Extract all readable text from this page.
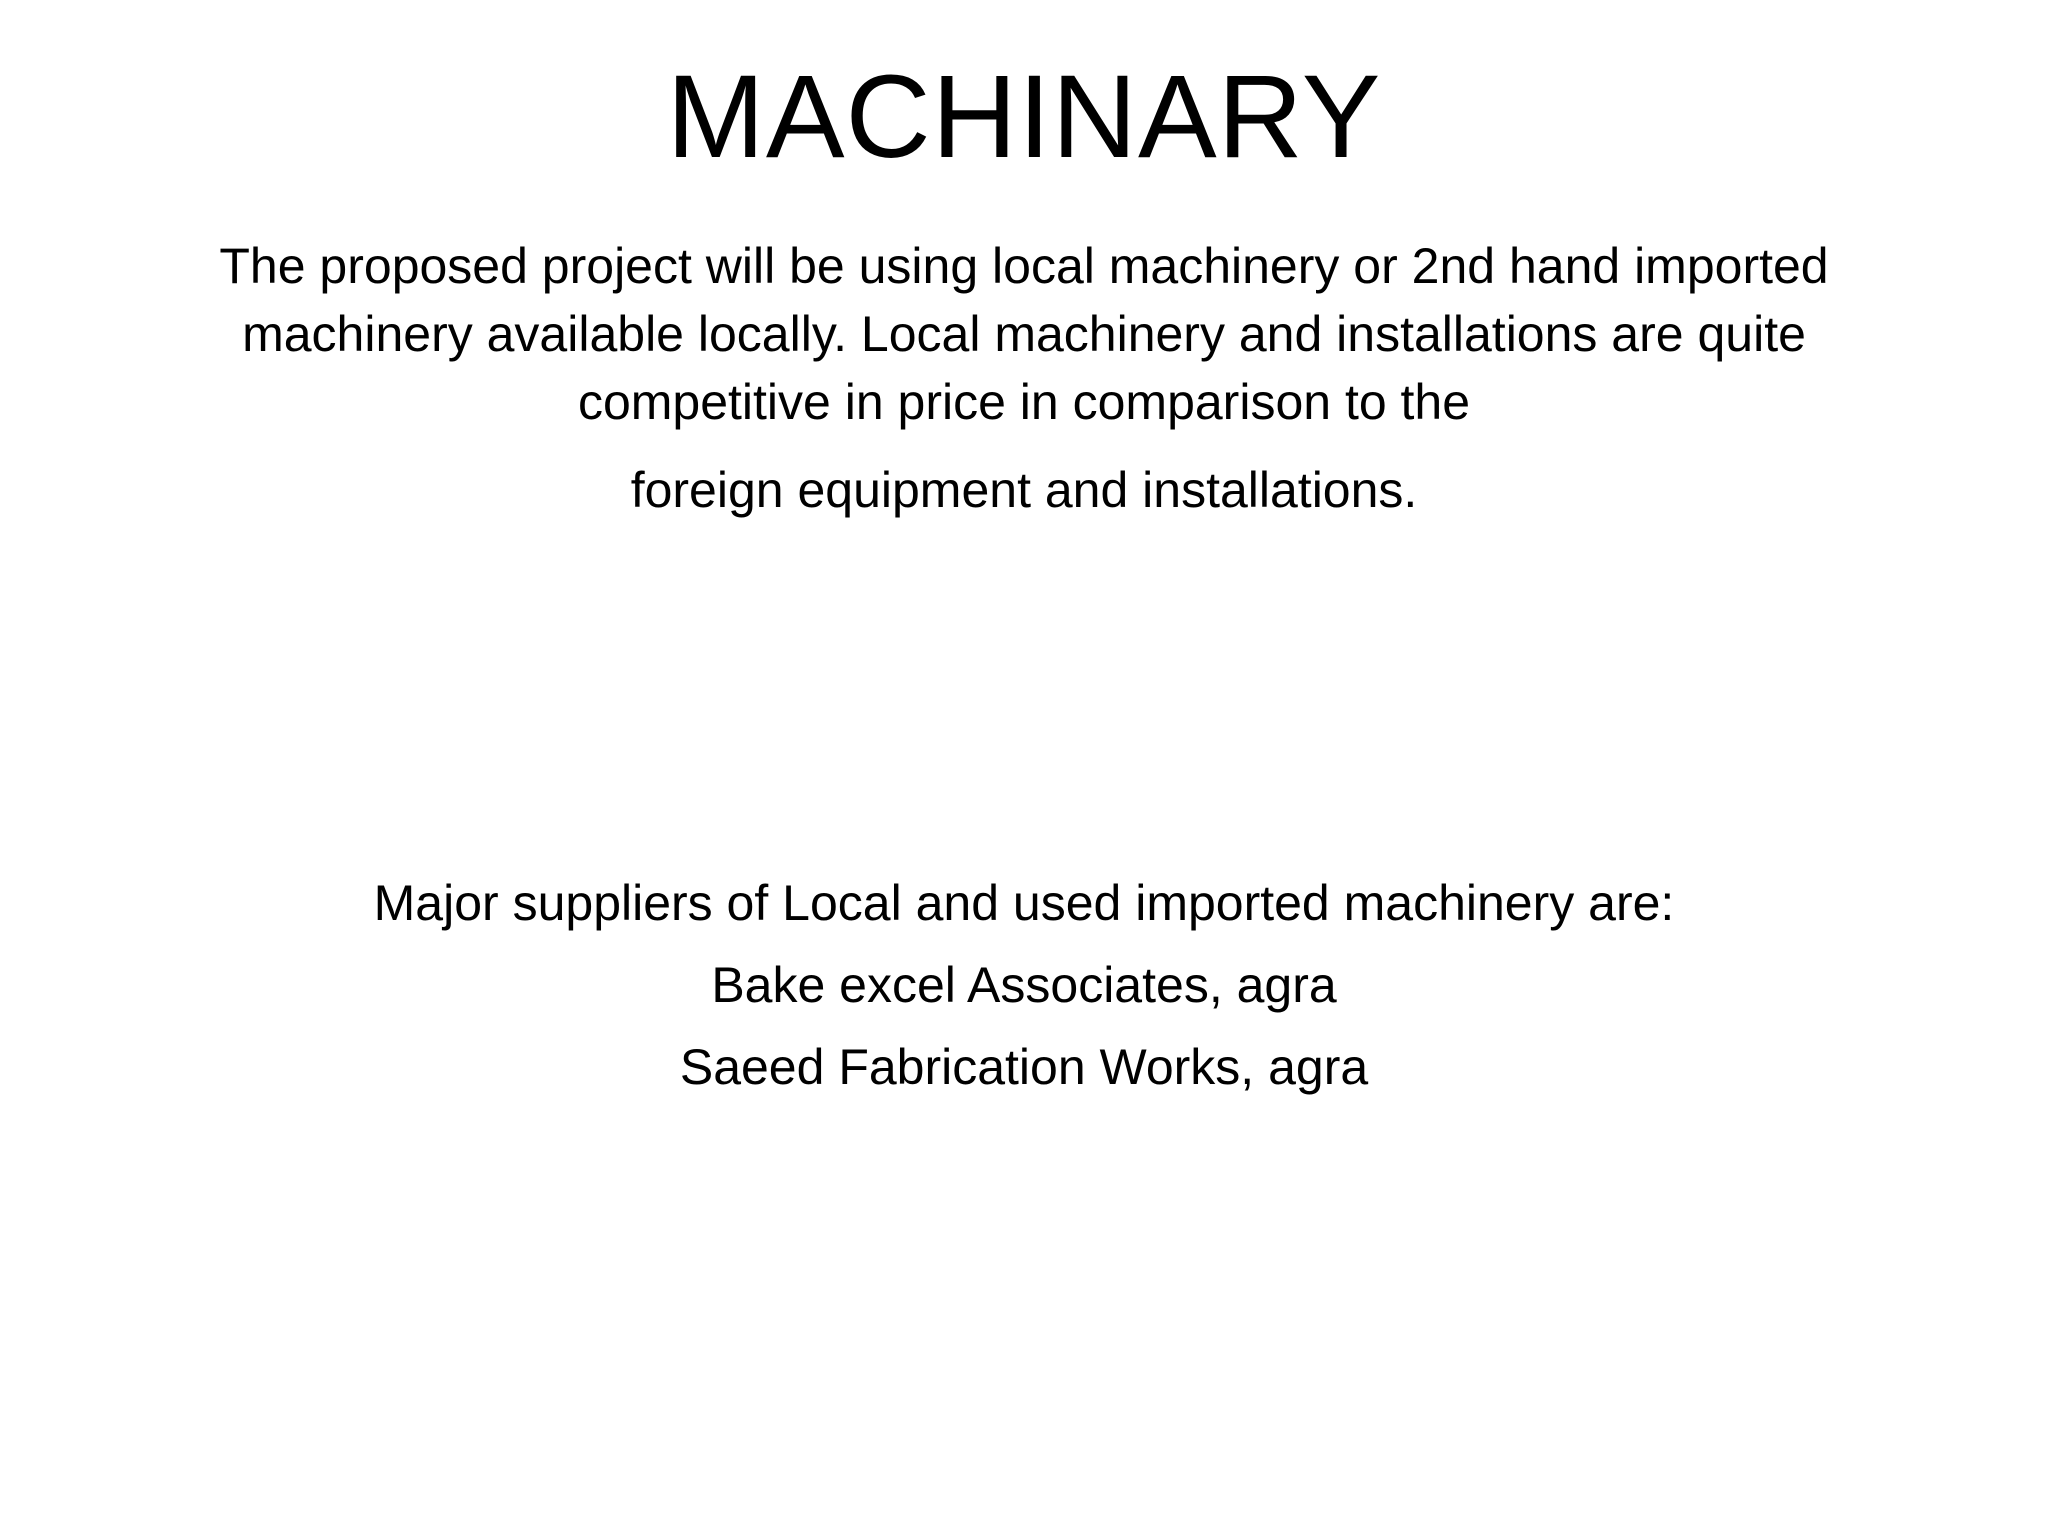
MACHINARY

The proposed project will be using local machinery or 2nd hand imported machinery available locally. Local machinery and installations are quite competitive in price in comparison to the

foreign equipment and installations.

Major suppliers of Local and used imported machinery are:
Bake excel Associates, agra
Saeed Fabrication Works, agra
